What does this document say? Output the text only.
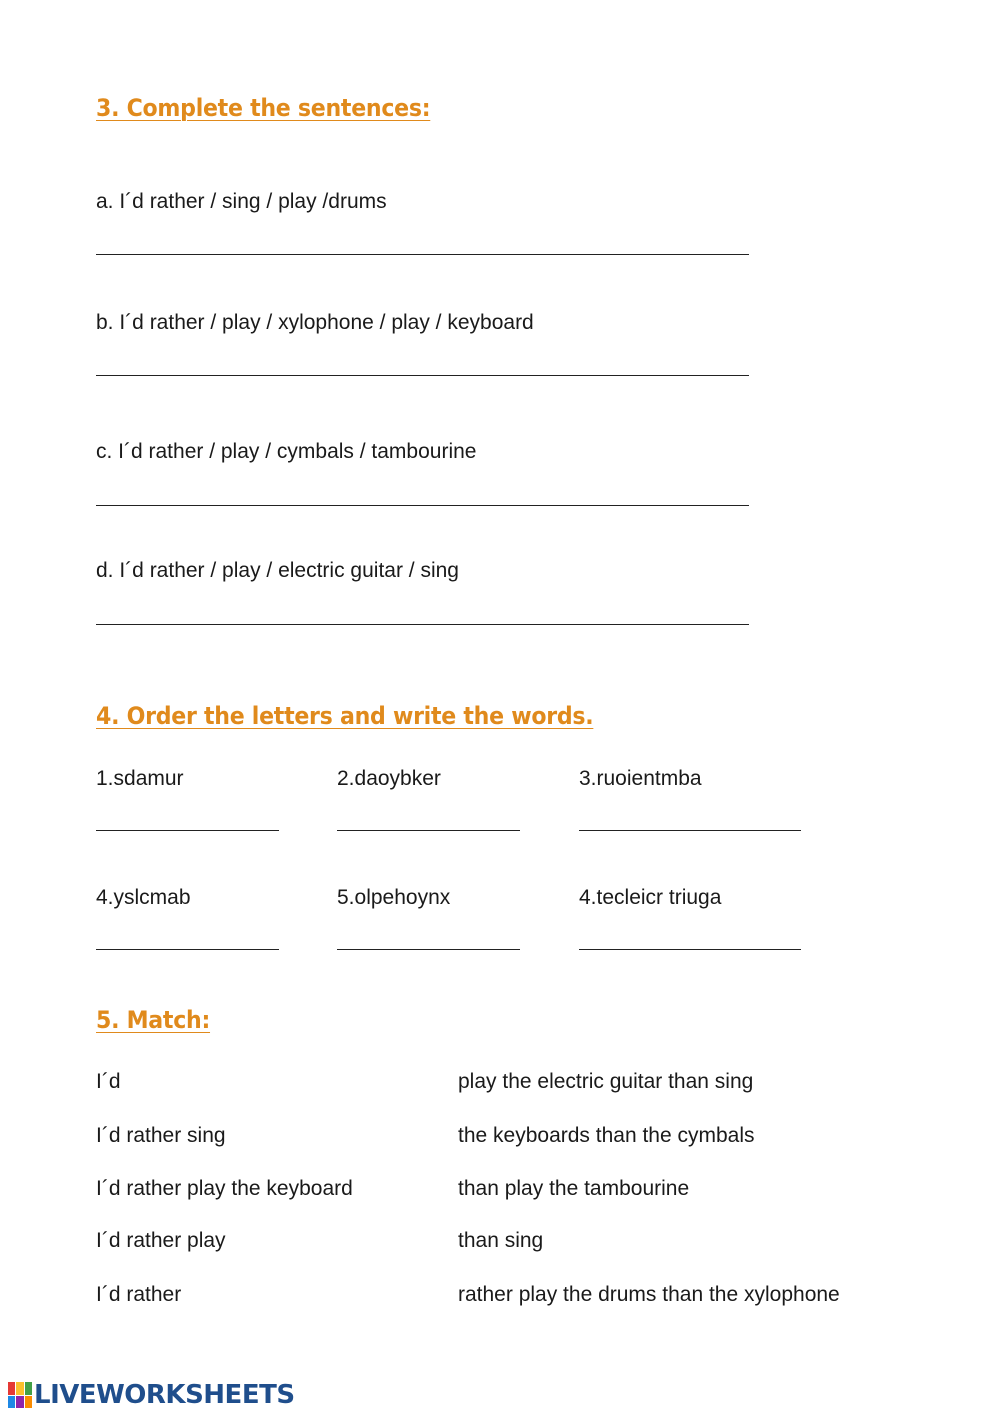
3. Complete the sentences:
a. I´d rather / sing / play /drums
b. I´d rather / play / xylophone / play / keyboard
c. I´d rather / play / cymbals / tambourine
d. I´d rather / play / electric guitar / sing
4. Order the letters and write the words.
1.sdamur	2.daoybker	3.ruoientmba
4.yslcmab	5.olpehoynx	4.tecleicr triuga
5. Match:
I´d	play the electric guitar than sing
I´d rather sing	the keyboards than the cymbals
I´d rather play the keyboard	than play the tambourine
I´d rather play	than sing
I´d rather	rather play the drums than the xylophone
LIVEWORKSHEETS
